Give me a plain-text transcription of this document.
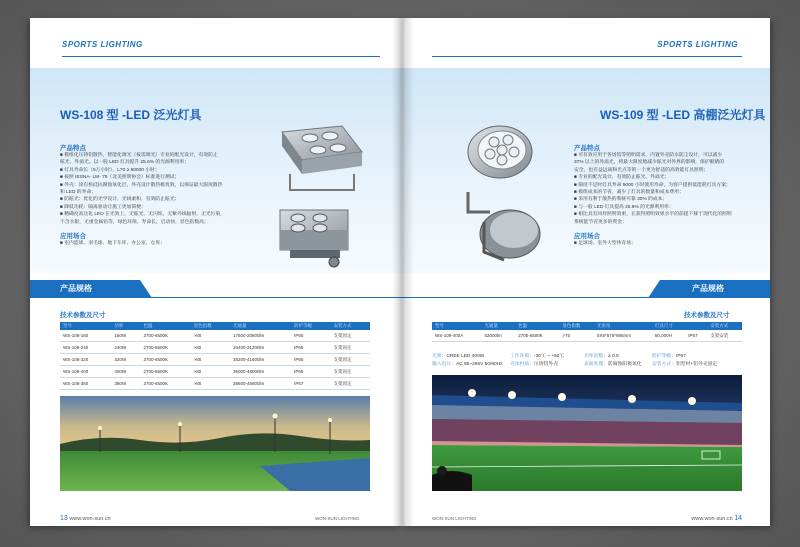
SPORTS LIGHTING
WS-108 型 -LED 泛光灯具
产品特点
■ 模组化压铸铝散热，智能化调光（按需调光）专业的配光设计，有效防止
眩光、外溢光。以一般 LED 灯具提升 25.6% 的光源利用率；
■ 灯具寿命长（5万小时），L70 ≥ 50000 小时；
■ 按照 IESNA- LM- 79（北美照明协会）标准进行测试；
■ 外壳：涂有机硅抗腐蚀氧化层，外壳设计散热极优效，以保证最大限度散热
和 LED 的寿命；
■ 防眩光：优化的光学设计，光线柔和，有效防止眩光；
■ 降低功耗：隔离驱动让施工更加简便；
■ 精确度高达化 LED 在光效上，无眩光、无闪烁，无紫外线辐射，无光污染，
不含水银，无重金属铅等，绿色环保，寿命长，启动快，显色指数高；
应用场合
■ 室内篮球、羽毛球、地下车库、办公室、仓库；
产品规格
技术参数及尺寸
型号	功率	色温	显色指数	光通量	防护等级	安装方式
WS-108-160	160W	2700-6500K	>80	17600-20800lm	IP65	支架固定
WS-108-240	240W	2700-6500K	>80	26400-31200lm	IP65	支架固定
WS-108-320	320W	2700-6500K	>80	35200-41600lm	IP65	支架固定
WS-108-400	400W	2700-6500K	>80	36000-48000lm	IP65	支架固定
WS-108-360	380W	2700-6500K	>80	39600-46800lm	IP67	支架固定
13 www.won-sun.cn	WON-SUN LIGHTING
SPORTS LIGHTING
WS-109 型 -LED 高棚泛光灯具
产品特点
■ 可有效应用于各场馆等照明需求，内置外壳防水防尘设计，可以减少
37% 以上的外溢光，将最大限度地减少眩光对外界的影响，保护眼睛的
安全，也有益远离和光点等的一个更为舒适的高效能灯具照明；
■ 专业的配光设计，有效防止眩光、外溢光；
■ 频度不足时灯具寿命 5000 小时使用寿命，为客户提供低能耗灯具方案；
■ 模组成本的节省，减少了灯具的数量和成本费用；
■ 采用有利于散热的系统可靠 30% 的成本；
■ 与一般 LED 灯具提高 25.6% 的光源利用率；
■ 相比具有同样照明效果，在获得照明效果水平的前提下移于现代化的照明
系统能节省更多的资金；
应用场合
■ 足球场、室外大型体育场；
产品规格
技术参数及尺寸
型号	光通量	色温	显色指数	光束角	灯具尺寸		安装方式
WS-109-400A	52000lm	2700-6500K	>75	5X5*575*695mm	50,000H	IP67	支架安装
光源：CREE LED 400W	工作环境：-30℃ ~ +50℃	功率因数：≥ 0.9	防护等级：IP67
输入电压：AC 85~265V 50/60Hz 壳体材质：压铸铝外壳	表面处理：防腐蚀阳极氧化 安装方式：铝型材+铝外壳固定
WON-SUN LIGHTING	www.won-sun.cn 14
